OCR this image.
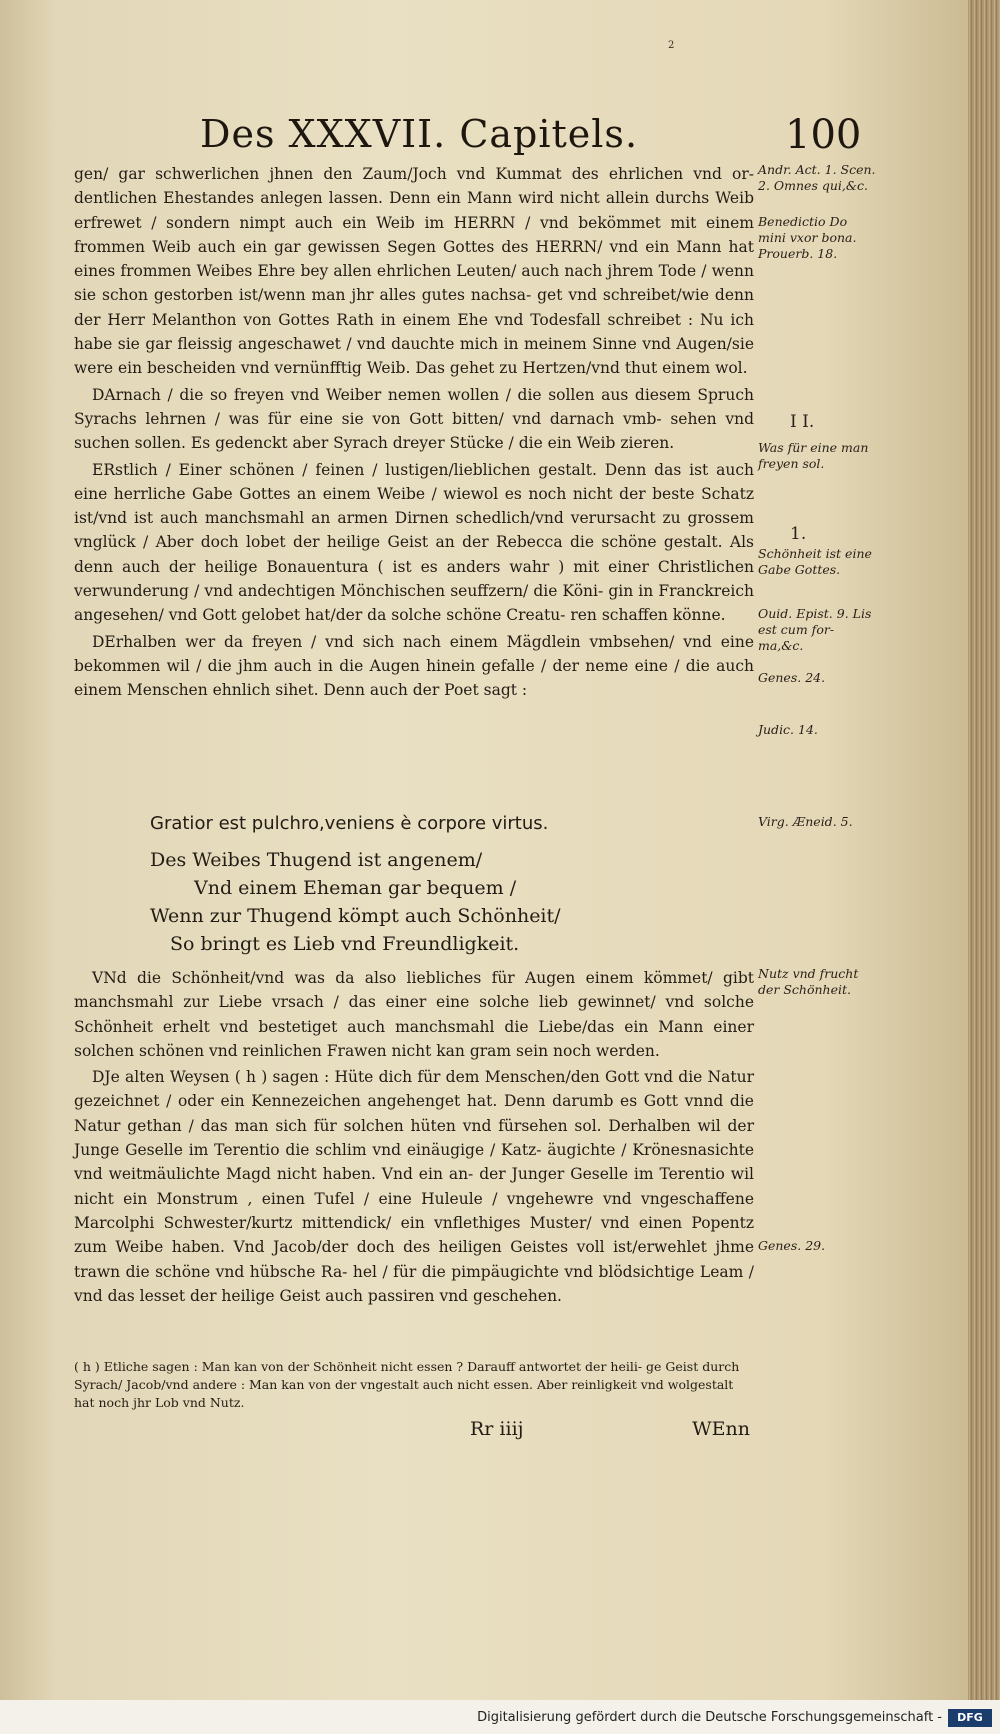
2
Des XXXVII. Capitels.	100

gen/ gar schwerlichen jhnen den Zaum/Joch vnd Kummat des ehrlichen vnd or- dentlichen Ehestandes anlegen lassen. Denn ein Mann wird nicht allein durchs Weib erfrewet / sondern nimpt auch ein Weib im HERRN / vnd bekömmet mit einem frommen Weib auch ein gar gewissen Segen Gottes des HERRN/ vnd ein Mann hat eines frommen Weibes Ehre bey allen ehrlichen Leuten/ auch nach jhrem Tode / wenn sie schon gestorben ist/wenn man jhr alles gutes nachsa- get vnd schreibet/wie denn der Herr Melanthon von Gottes Rath in einem Ehe vnd Todesfall schreibet : Nu ich habe sie gar fleissig angeschawet / vnd dauchte mich in meinem Sinne vnd Augen/sie were ein bescheiden vnd vernünfftig Weib. Das gehet zu Hertzen/vnd thut einem wol.

DArnach / die so freyen vnd Weiber nemen wollen / die sollen aus diesem Spruch Syrachs lehrnen / was für eine sie von Gott bitten/ vnd darnach vmb- sehen vnd suchen sollen. Es gedenckt aber Syrach dreyer Stücke / die ein Weib zieren.

ERstlich / Einer schönen / feinen / lustigen/lieblichen gestalt. Denn das ist auch eine herrliche Gabe Gottes an einem Weibe / wiewol es noch nicht der beste Schatz ist/vnd ist auch manchsmahl an armen Dirnen schedlich/vnd verursacht zu grossem vnglück / Aber doch lobet der heilige Geist an der Rebecca die schöne gestalt. Als denn auch der heilige Bonauentura ( ist es anders wahr ) mit einer Christlichen verwunderung / vnd andechtigen Mönchischen seuffzern/ die Köni- gin in Franckreich angesehen/ vnd Gott gelobet hat/der da solche schöne Creatu- ren schaffen könne.

DErhalben wer da freyen / vnd sich nach einem Mägdlein vmbsehen/ vnd eine bekommen wil / die jhm auch in die Augen hinein gefalle / der neme eine / die auch einem Menschen ehnlich sihet. Denn auch der Poet sagt :

Gratior est pulchro,veniens è corpore virtus.

Des Weibes Thugend ist angenem/

Vnd einem Eheman gar bequem /

Wenn zur Thugend kömpt auch Schönheit/

So bringt es Lieb vnd Freundligkeit.

VNd die Schönheit/vnd was da also liebliches für Augen einem kömmet/ gibt manchsmahl zur Liebe vrsach / das einer eine solche lieb gewinnet/ vnd solche Schönheit erhelt vnd bestetiget auch manchsmahl die Liebe/das ein Mann einer solchen schönen vnd reinlichen Frawen nicht kan gram sein noch werden.

DJe alten Weysen ( h ) sagen : Hüte dich für dem Menschen/den Gott vnd die Natur gezeichnet / oder ein Kennezeichen angehenget hat. Denn darumb es Gott vnnd die Natur gethan / das man sich für solchen hüten vnd fürsehen sol. Derhalben wil der Junge Geselle im Terentio die schlim vnd einäugige / Katz- äugichte / Krönesnasichte vnd weitmäulichte Magd nicht haben. Vnd ein an- der Junger Geselle im Terentio wil nicht ein Monstrum , einen Tufel / eine Huleule / vngehewre vnd vngeschaffene Marcolphi Schwester/kurtz mittendick/ ein vnflethiges Muster/ vnd einen Popentz zum Weibe haben. Vnd Jacob/der doch des heiligen Geistes voll ist/erwehlet jhme trawn die schöne vnd hübsche Ra- hel / für die pimpäugichte vnd blödsichtige Leam / vnd das lesset der heilige Geist auch passiren vnd geschehen.

( h ) Etliche sagen : Man kan von der Schönheit nicht essen ? Darauff antwortet der heili- ge Geist durch Syrach/ Jacob/vnd andere : Man kan von der vngestalt auch nicht essen. Aber reinligkeit vnd wolgestalt hat noch jhr Lob vnd Nutz.
Rr iiij	WEnn
Andr. Act. 1. Scen. 2. Omnes qui,&c.
Benedictio Do mini vxor bona. Prouerb. 18.
I I.
Was für eine man freyen sol.
1.
Schönheit ist eine Gabe Gottes.
Ouid. Epist. 9. Lis est cum for- ma,&c.
Genes. 24.
Judic. 14.
Virg. Æneid. 5.
Nutz vnd frucht der Schönheit.
Genes. 29.
Digitalisierung gefördert durch die Deutsche Forschungsgemeinschaft -	DFG
